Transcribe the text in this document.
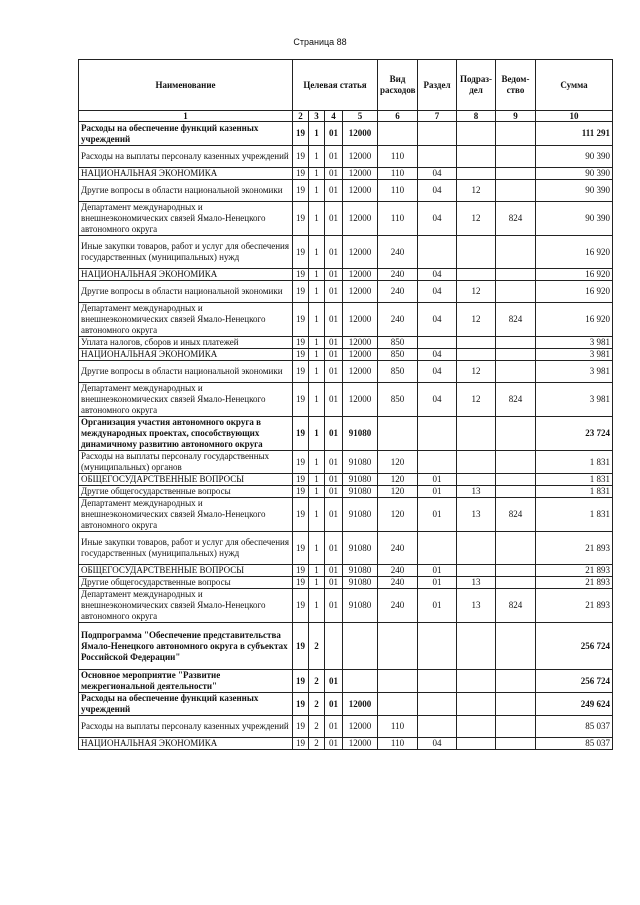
Страница 88
Наименование	Целевая статья				Вид расходов	Раздел	Подраз-дел	Ведом-ство	Сумма
1	2	3	4	5	6	7	8	9	10
Расходы на обеспечение функций казенных учреждений	19	1	01	12000					111 291
Расходы на выплаты персоналу казенных учреждений	19	1	01	12000	110				90 390
НАЦИОНАЛЬНАЯ ЭКОНОМИКА	19	1	01	12000	110	04			90 390
Другие вопросы в области национальной экономики	19	1	01	12000	110	04	12		90 390
Департамент международных и внешнеэкономических связей Ямало-Ненецкого автономного округа	19	1	01	12000	110	04	12	824	90 390
Иные закупки товаров, работ и услуг для обеспечения государственных (муниципальных) нужд	19	1	01	12000	240				16 920
НАЦИОНАЛЬНАЯ ЭКОНОМИКА	19	1	01	12000	240	04			16 920
Другие вопросы в области национальной экономики	19	1	01	12000	240	04	12		16 920
Департамент международных и внешнеэкономических связей Ямало-Ненецкого автономного округа	19	1	01	12000	240	04	12	824	16 920
Уплата налогов, сборов и иных платежей	19	1	01	12000	850				3 981
НАЦИОНАЛЬНАЯ ЭКОНОМИКА	19	1	01	12000	850	04			3 981
Другие вопросы в области национальной экономики	19	1	01	12000	850	04	12		3 981
Департамент международных и внешнеэкономических связей Ямало-Ненецкого автономного округа	19	1	01	12000	850	04	12	824	3 981
Организация участия автономного округа в международных проектах, способствующих динамичному развитию автономного округа	19	1	01	91080					23 724
Расходы на выплаты персоналу государственных (муниципальных) органов	19	1	01	91080	120				1 831
ОБЩЕГОСУДАРСТВЕННЫЕ ВОПРОСЫ	19	1	01	91080	120	01			1 831
Другие общегосударственные вопросы	19	1	01	91080	120	01	13		1 831
Департамент международных и внешнеэкономических связей Ямало-Ненецкого автономного округа	19	1	01	91080	120	01	13	824	1 831
Иные закупки товаров, работ и услуг для обеспечения государственных (муниципальных) нужд	19	1	01	91080	240				21 893
ОБЩЕГОСУДАРСТВЕННЫЕ ВОПРОСЫ	19	1	01	91080	240	01			21 893
Другие общегосударственные вопросы	19	1	01	91080	240	01	13		21 893
Департамент международных и внешнеэкономических связей Ямало-Ненецкого автономного округа	19	1	01	91080	240	01	13	824	21 893
Подпрограмма "Обеспечение представительства Ямало-Ненецкого автономного округа в субъектах Российской Федерации"	19	2							256 724
Основное мероприятие "Развитие межрегиональной деятельности"	19	2	01						256 724
Расходы на обеспечение функций казенных учреждений	19	2	01	12000					249 624
Расходы на выплаты персоналу казенных учреждений	19	2	01	12000	110				85 037
НАЦИОНАЛЬНАЯ ЭКОНОМИКА	19	2	01	12000	110	04			85 037
